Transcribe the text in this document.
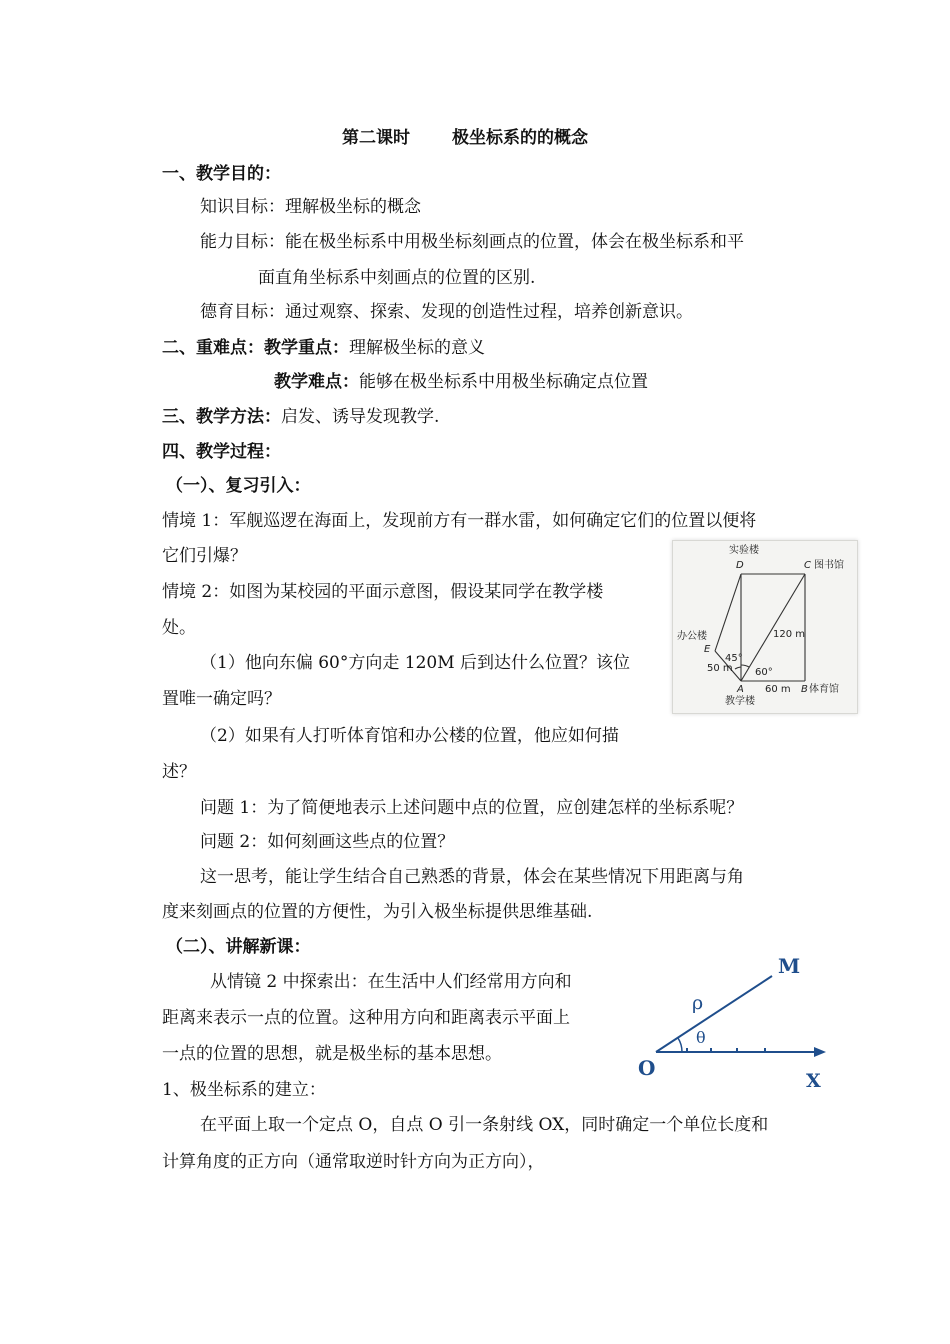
第二课时 极坐标系的的概念
一、教学目的：
知识目标：理解极坐标的概念
能力目标：能在极坐标系中用极坐标刻画点的位置，体会在极坐标系和平
面直角坐标系中刻画点的位置的区别.
德育目标：通过观察、探索、发现的创造性过程，培养创新意识。
二、重难点：教学重点：理解极坐标的意义
教学难点：能够在极坐标系中用极坐标确定点位置
三、教学方法：启发、诱导发现教学.
四、教学过程：
（一）、复习引入：
情境 1：军舰巡逻在海面上，发现前方有一群水雷，如何确定它们的位置以便将
它们引爆？
情境 2：如图为某校园的平面示意图，假设某同学在教学楼
处。
（1）他向东偏 60°方向走 120M 后到达什么位置？该位
置唯一确定吗？
（2）如果有人打听体育馆和办公楼的位置，他应如何描
述？
问题 1：为了简便地表示上述问题中点的位置，应创建怎样的坐标系呢？
问题 2：如何刻画这些点的位置？
这一思考，能让学生结合自己熟悉的背景，体会在某些情况下用距离与角
度来刻画点的位置的方便性，为引入极坐标提供思维基础.
实验楼
D	C 图书馆
120 m
办公楼
E
45°
50 m 60°
A 60 m B 体育馆
教学楼
（二）、讲解新课：
从情镜 2 中探索出：在生活中人们经常用方向和
距离来表示一点的位置。这种用方向和距离表示平面上
一点的位置的思想，就是极坐标的基本思想。
1、极坐标系的建立：
在平面上取一个定点 O，自点 O 引一条射线 OX，同时确定一个单位长度和
计算角度的正方向（通常取逆时针方向为正方向），
M
ρ
θ
O
X
